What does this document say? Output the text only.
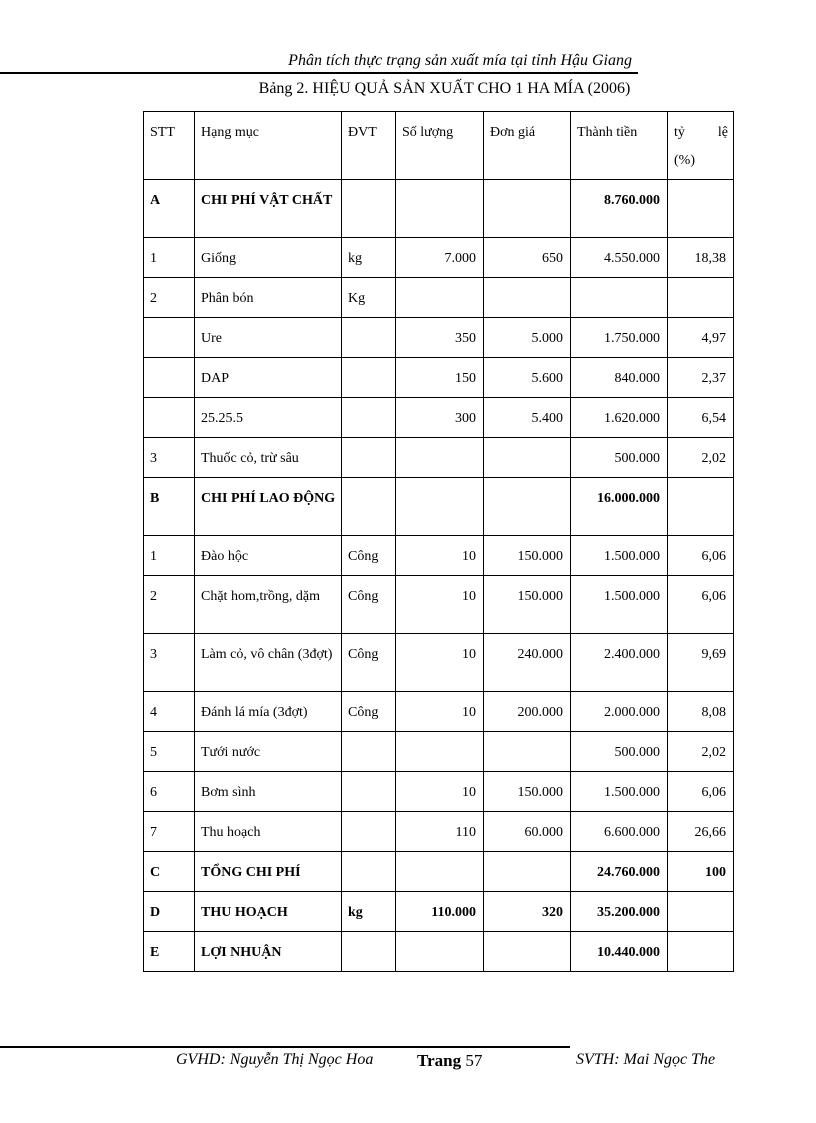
Phân tích thực trạng sản xuất mía tại tỉnh Hậu Giang
Bảng 2. HIỆU QUẢ SẢN XUẤT CHO 1 HA MÍA (2006)
STT	Hạng mục	ĐVT	Số lượng	Đơn giá	Thành tiền	tỷ lệ
(%)

A	CHI PHÍ VẬT CHẤT				8.760.000	
1	Giống	kg	7.000	650	4.550.000	18,38
2	Phân bón	Kg				
	Ure		350	5.000	1.750.000	4,97
	DAP		150	5.600	840.000	2,37
	25.25.5		300	5.400	1.620.000	6,54
3	Thuốc cỏ, trừ sâu				500.000	2,02
B	CHI PHÍ LAO ĐỘNG				16.000.000	
1	Đào hộc	Công	10	150.000	1.500.000	6,06
2	Chặt hom,trồng, dặm	Công	10	150.000	1.500.000	6,06
3	Làm cỏ, vô chân (3đợt)	Công	10	240.000	2.400.000	9,69
4	Đánh lá mía (3đợt)	Công	10	200.000	2.000.000	8,08
5	Tưới nước				500.000	2,02
6	Bơm sình		10	150.000	1.500.000	6,06
7	Thu hoạch		110	60.000	6.600.000	26,66
C	TỔNG CHI PHÍ				24.760.000	100
D	THU HOẠCH	kg	110.000	320	35.200.000	
E	LỢI NHUẬN				10.440.000	
GVHD: Nguyễn Thị Ngọc Hoa	Trang 57	SVTH: Mai Ngọc The
